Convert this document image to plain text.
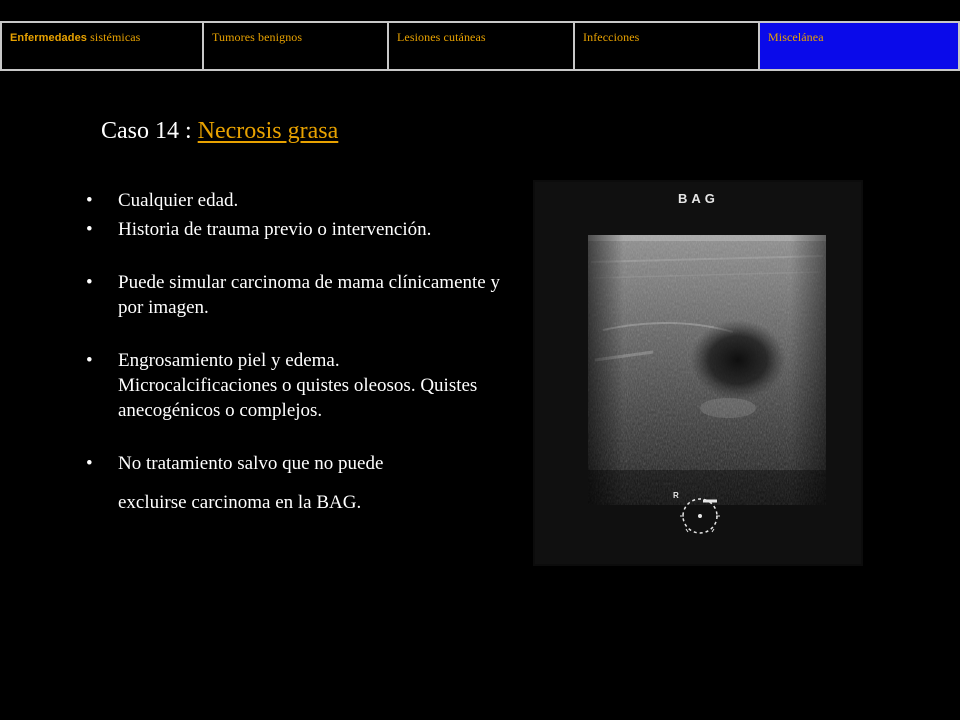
Enfermedades sistémicas	Tumores benignos	Lesiones cutáneas	Infecciones	Miscelánea
Caso 14 : Necrosis grasa
• Cualquier edad.
• Historia de trauma previo o intervención.
• Puede simular carcinoma de mama clínicamente y por imagen.
• Engrosamiento piel y edema. Microcalcificaciones o quistes oleosos. Quistes anecogénicos o complejos.
• No tratamiento salvo que no puede
excluirse carcinoma en la BAG.
BAG
R
